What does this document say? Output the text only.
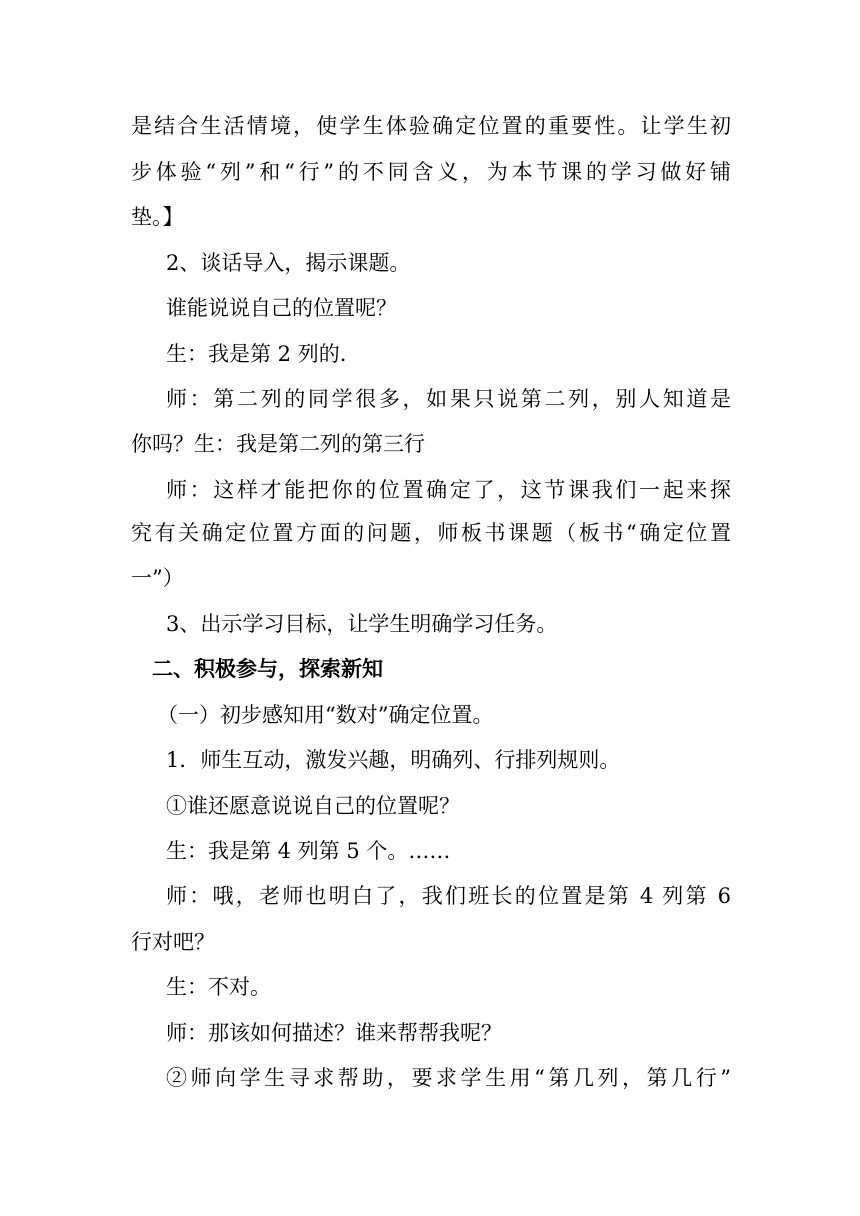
是结合生活情境，使学生体验确定位置的重要性。让学生初
步体验“列”和“行”的不同含义，为本节课的学习做好铺
垫。】
2、谈话导入，揭示课题。
谁能说说自己的位置呢？
生：我是第 2 列的.
师：第二列的同学很多，如果只说第二列，别人知道是
你吗？生：我是第二列的第三行
师：这样才能把你的位置确定了，这节课我们一起来探
究有关确定位置方面的问题，师板书课题（板书“确定位置
一”）
3、出示学习目标，让学生明确学习任务。
二、积极参与，探索新知
（一）初步感知用“数对”确定位置。
1．师生互动，激发兴趣，明确列、行排列规则。
①谁还愿意说说自己的位置呢？
生：我是第 4 列第 5 个。……
师：哦，老师也明白了，我们班长的位置是第 4 列第 6
行对吧？
生：不对。
师：那该如何描述？谁来帮帮我呢？
②师向学生寻求帮助，要求学生用“第几列，第几行”
